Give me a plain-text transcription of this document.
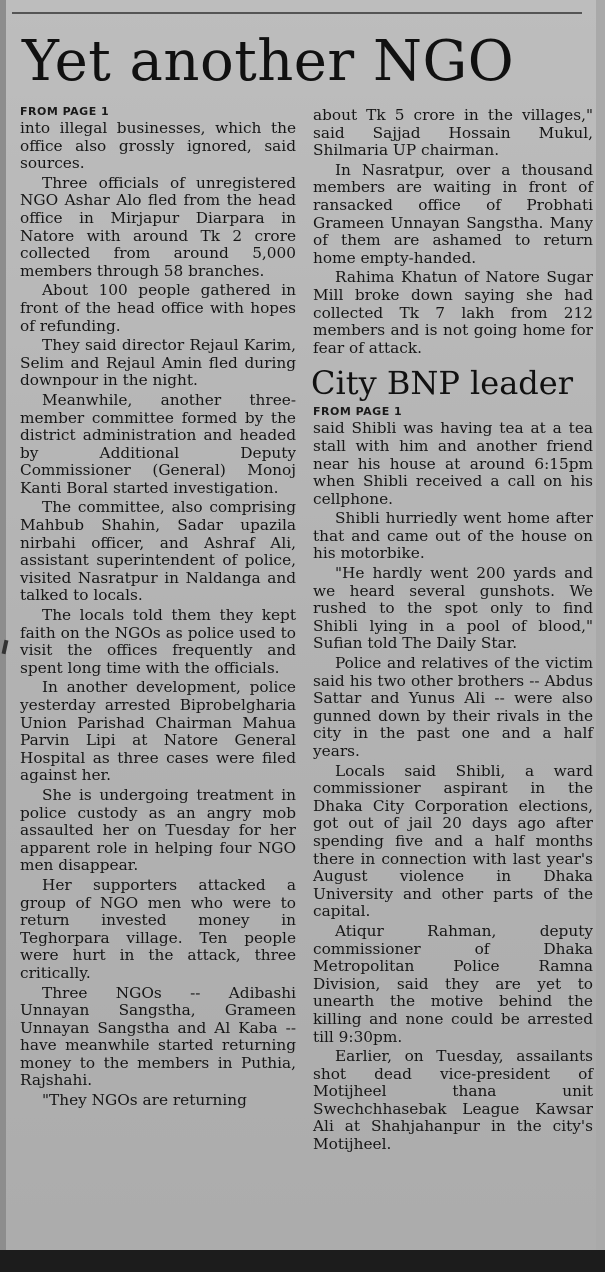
Yet another NGO
FROM PAGE 1

into illegal businesses, which the office also grossly ignored, said sources.

Three officials of unregistered NGO Ashar Alo fled from the head office in Mirjapur Diarpara in Natore with around Tk 2 crore collected from around 5,000 members through 58 branches.

About 100 people gathered in front of the head office with hopes of refunding.

They said director Rejaul Karim, Selim and Rejaul Amin fled during downpour in the night.

Meanwhile, another three-member committee formed by the district administration and headed by Additional Deputy Commissioner (General) Monoj Kanti Boral started investigation.

The committee, also comprising Mahbub Shahin, Sadar upazila nirbahi officer, and Ashraf Ali, assistant superintendent of police, visited Nasratpur in Naldanga and talked to locals.

The locals told them they kept faith on the NGOs as police used to visit the offices frequently and spent long time with the officials.

In another development, police yesterday arrested Biprobelgharia Union Parishad Chairman Mahua Parvin Lipi at Natore General Hospital as three cases were filed against her.

She is undergoing treatment in police custody as an angry mob assaulted her on Tuesday for her apparent role in helping four NGO men disappear.

Her supporters attacked a group of NGO men who were to return invested money in Teghorpara village. Ten people were hurt in the attack, three critically.

Three NGOs -- Adibashi Unnayan Sangstha, Grameen Unnayan Sangstha and Al Kaba -- have meanwhile started returning money to the members in Puthia, Rajshahi.

"They NGOs are returning

about Tk 5 crore in the villages," said Sajjad Hossain Mukul, Shilmaria UP chairman.

In Nasratpur, over a thousand members are waiting in front of ransacked office of Probhati Grameen Unnayan Sangstha. Many of them are ashamed to return home empty-handed.

Rahima Khatun of Natore Sugar Mill broke down saying she had collected Tk 7 lakh from 212 members and is not going home for fear of attack.

City BNP leader
FROM PAGE 1

said Shibli was having tea at a tea stall with him and another friend near his house at around 6:15pm when Shibli received a call on his cellphone.

Shibli hurriedly went home after that and came out of the house on his motorbike.

"He hardly went 200 yards and we heard several gunshots. We rushed to the spot only to find Shibli lying in a pool of blood," Sufian told The Daily Star.

Police and relatives of the victim said his two other brothers -- Abdus Sattar and Yunus Ali -- were also gunned down by their rivals in the city in the past one and a half years.

Locals said Shibli, a ward commissioner aspirant in the Dhaka City Corporation elections, got out of jail 20 days ago after spending five and a half months there in connection with last year's August violence in Dhaka University and other parts of the capital.

Atiqur Rahman, deputy commissioner of Dhaka Metropolitan Police Ramna Division, said they are yet to unearth the motive behind the killing and none could be arrested till 9:30pm.

Earlier, on Tuesday, assailants shot dead vice-president of Motijheel thana unit Swechchhasebak League Kawsar Ali at Shahjahanpur in the city's Motijheel.
